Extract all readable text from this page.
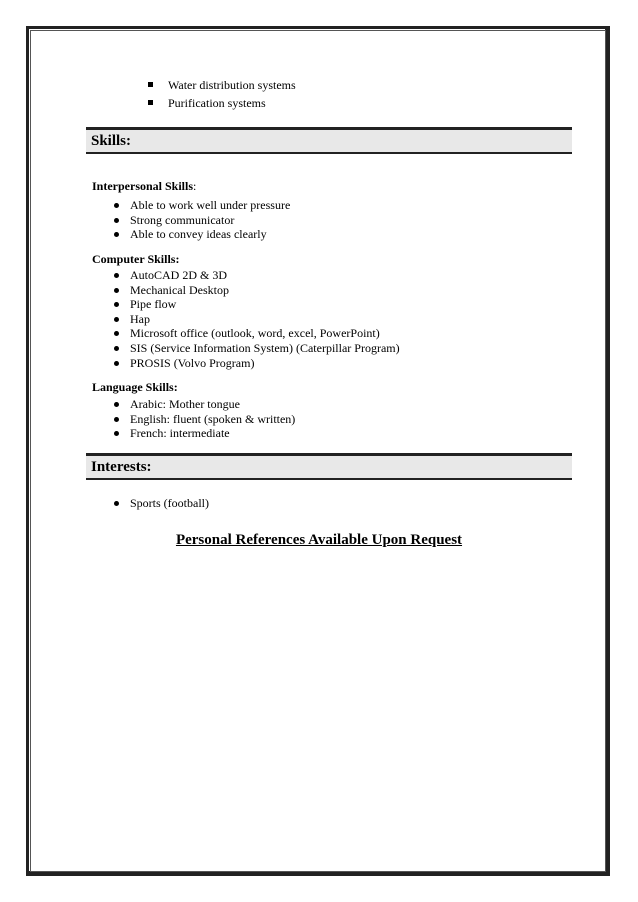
Water distribution systems
Purification systems
Skills:
Interpersonal Skills:
Able to work well under pressure
Strong communicator
Able to convey ideas clearly
Computer Skills:
AutoCAD 2D & 3D
Mechanical Desktop
Pipe flow
Hap
Microsoft office (outlook, word, excel, PowerPoint)
SIS (Service Information System) (Caterpillar Program)
PROSIS (Volvo Program)
Language Skills:
Arabic: Mother tongue
English: fluent (spoken & written)
French: intermediate
Interests:
Sports (football)
Personal References Available Upon Request
